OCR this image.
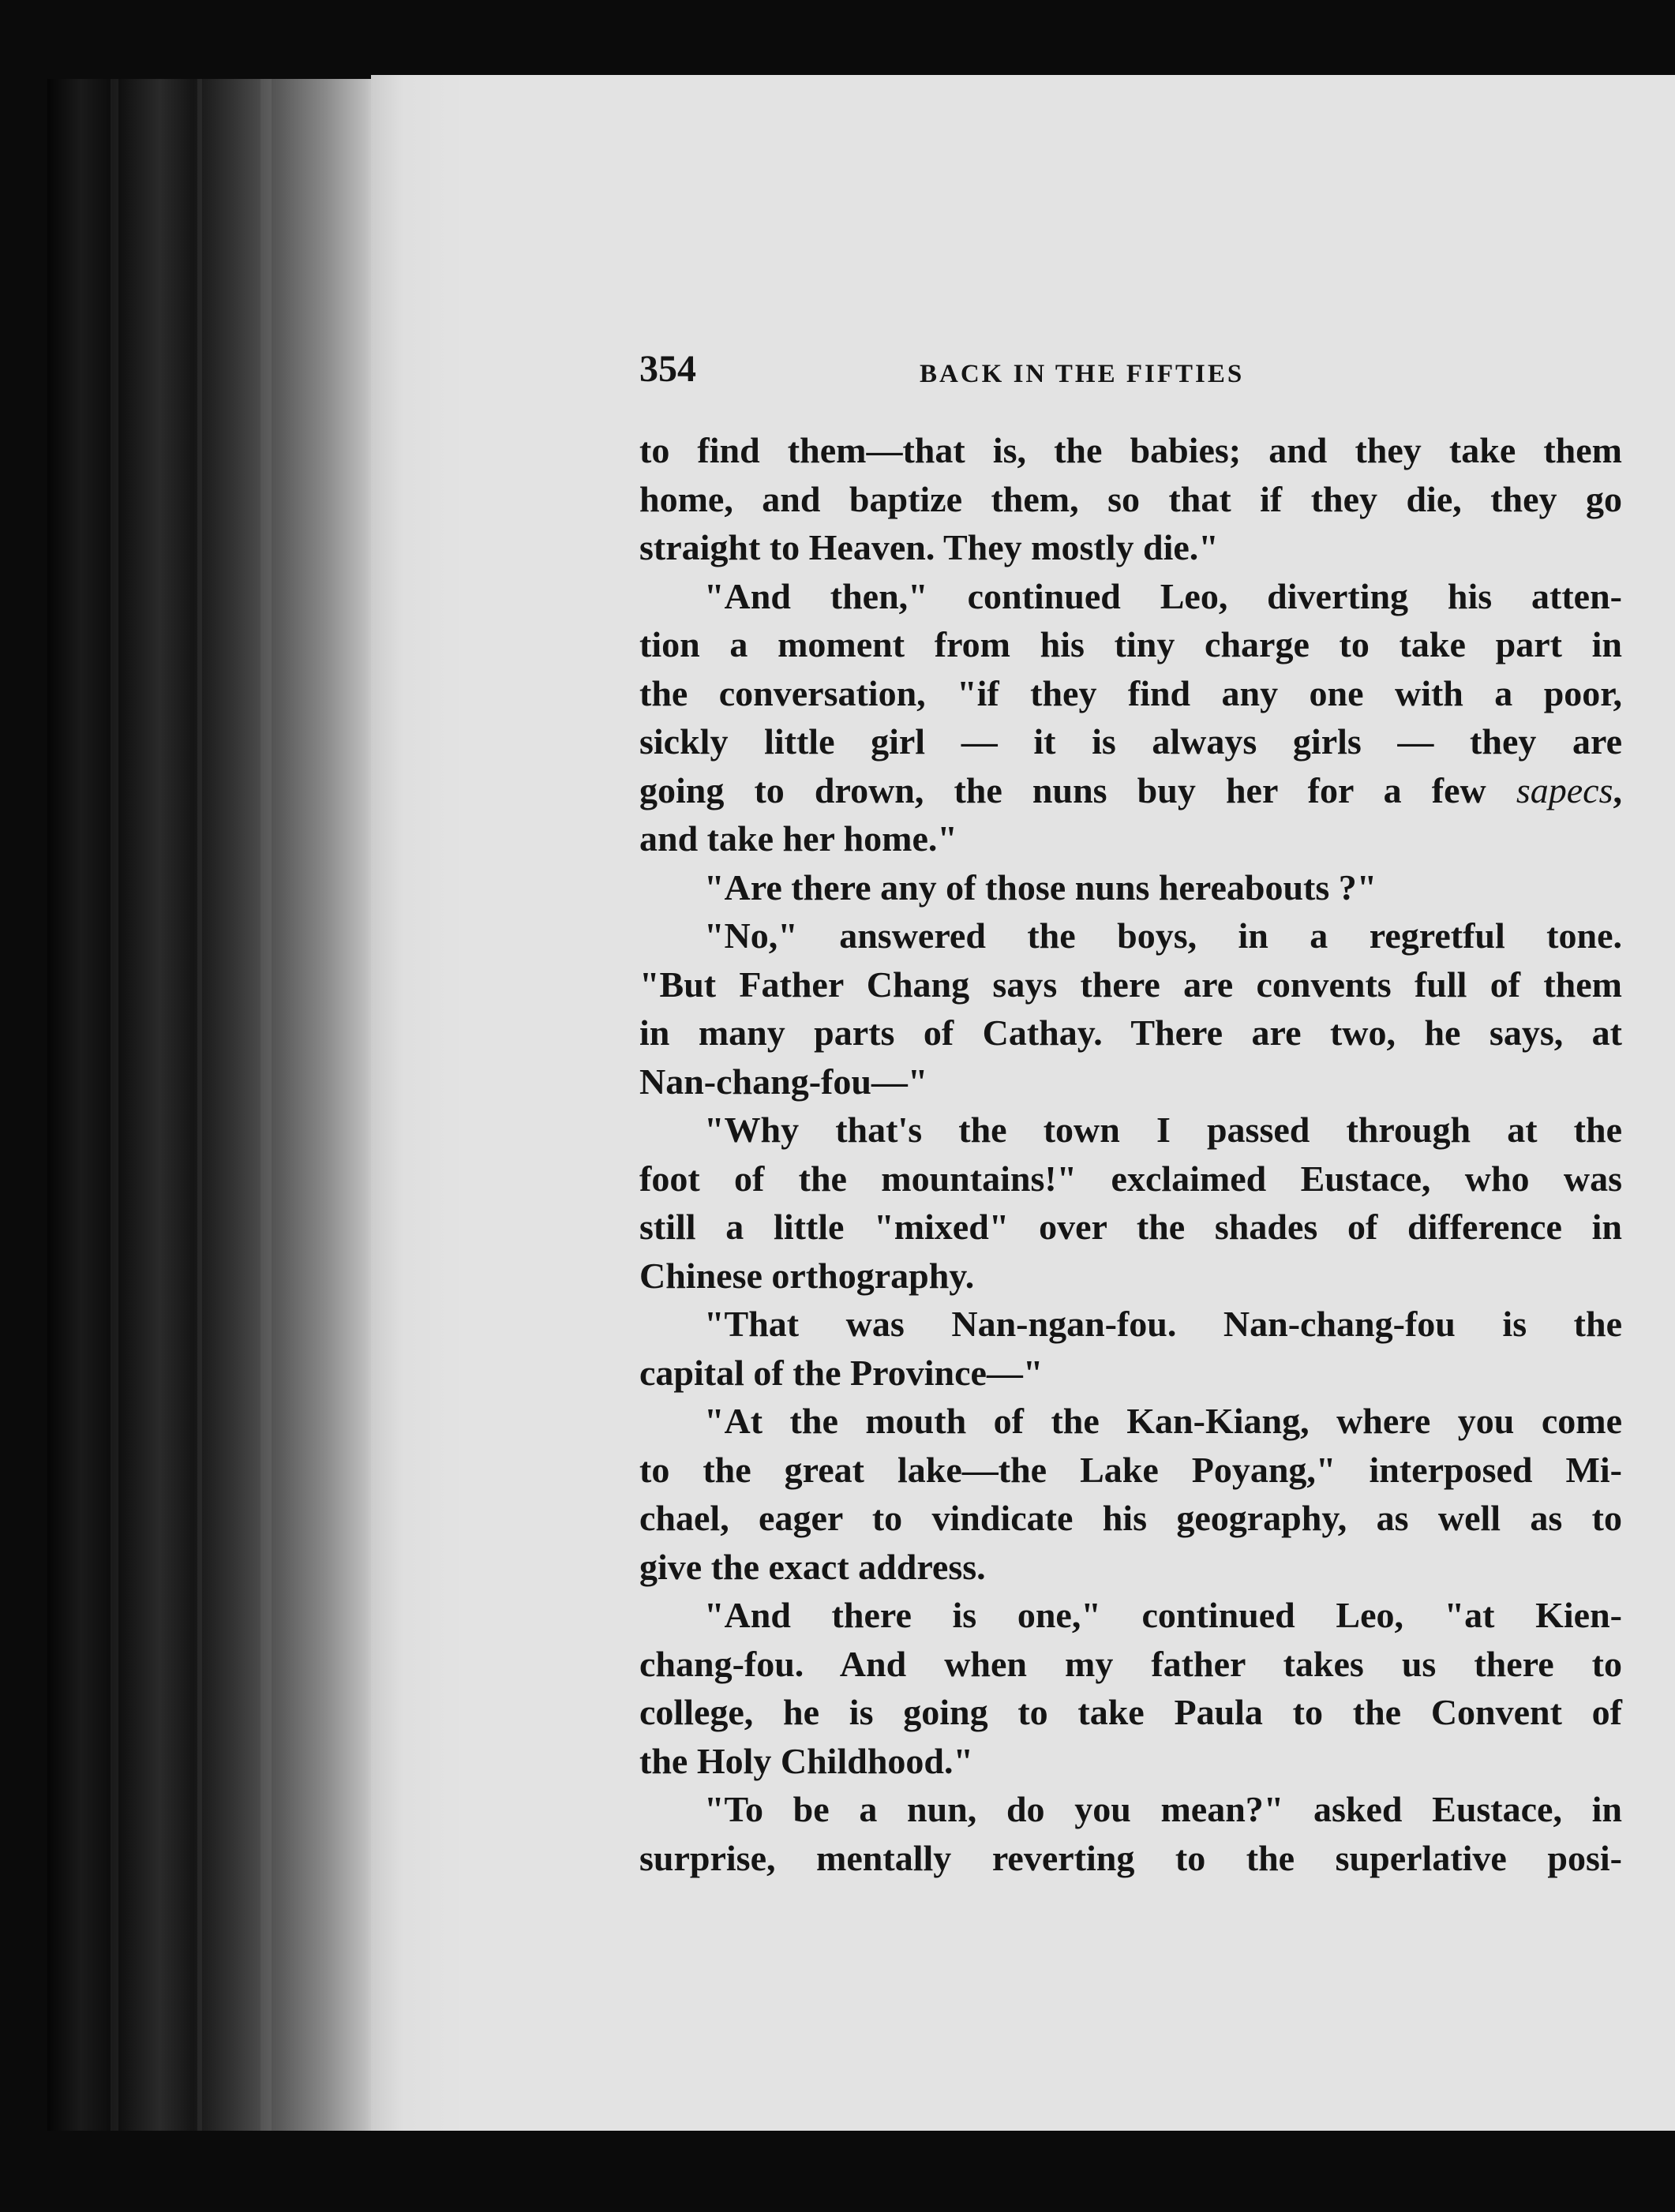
354	BACK IN THE FIFTIES
to find them—that is, the babies; and they take them
home, and baptize them, so that if they die, they go
straight to Heaven. They mostly die."
"And then," continued Leo, diverting his atten-
tion a moment from his tiny charge to take part in
the conversation, "if they find any one with a poor,
sickly little girl — it is always girls — they are
going to drown, the nuns buy her for a few sapecs,
and take her home."
"Are there any of those nuns hereabouts ?"
"No," answered the boys, in a regretful tone.
"But Father Chang says there are convents full of them
in many parts of Cathay. There are two, he says, at
Nan-chang-fou—"
"Why that's the town I passed through at the
foot of the mountains!" exclaimed Eustace, who was
still a little "mixed" over the shades of difference in
Chinese orthography.
"That was Nan-ngan-fou. Nan-chang-fou is the
capital of the Province—"
"At the mouth of the Kan-Kiang, where you come
to the great lake—the Lake Poyang," interposed Mi-
chael, eager to vindicate his geography, as well as to
give the exact address.
"And there is one," continued Leo, "at Kien-
chang-fou. And when my father takes us there to
college, he is going to take Paula to the Convent of
the Holy Childhood."
"To be a nun, do you mean?" asked Eustace, in
surprise, mentally reverting to the superlative posi-
